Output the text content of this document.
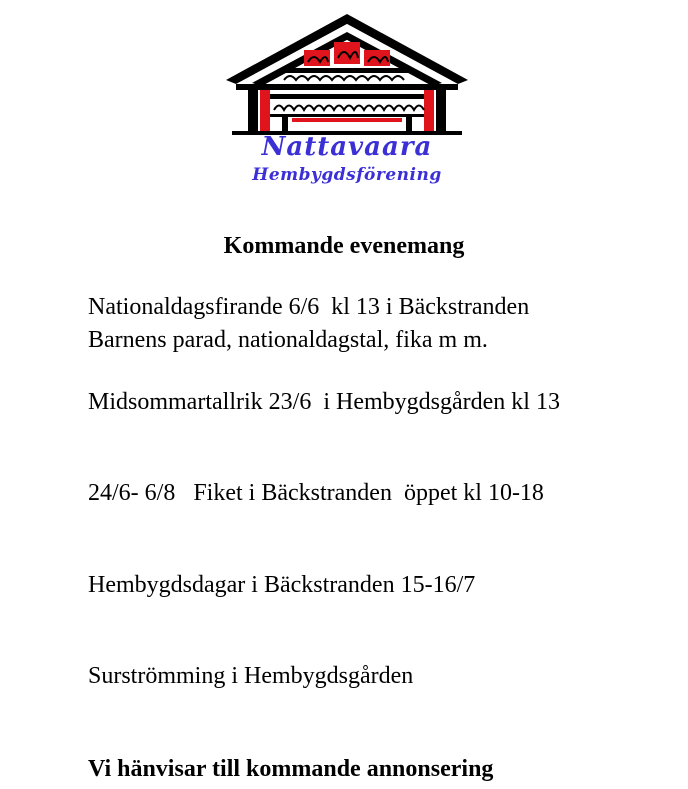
Nattavaara
Hembygdsförening
Kommande evenemang

Nationaldagsfirande 6/6  kl 13 i Bäckstranden

Barnens parad, nationaldagstal, fika m m.

Midsommartallrik 23/6  i Hembygdsgården kl 13

24/6- 6/8   Fiket i Bäckstranden  öppet kl 10-18

Hembygdsdagar i Bäckstranden 15-16/7

Surströmming i Hembygdsgården

Vi hänvisar till kommande annonsering
